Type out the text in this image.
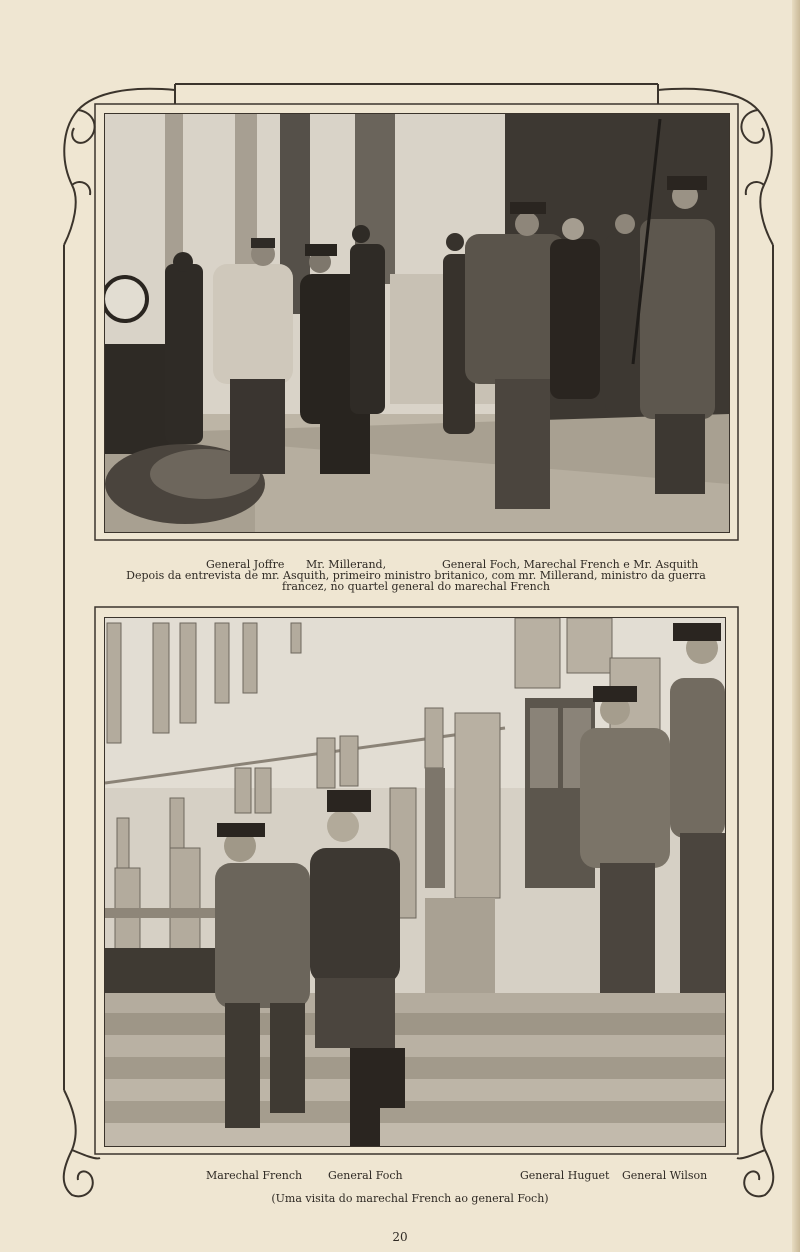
General Joffre Mr. Millerand,	General Foch, Marechal French e Mr. Asquith
Depois da entrevista de mr. Asquith, primeiro ministro britanico, com mr. Millerand, ministro da guerra
francez, no quartel general do marechal French
Marechal French General Foch	General Huguet General Wilson
(Uma visita do marechal French ao general Foch)
20
